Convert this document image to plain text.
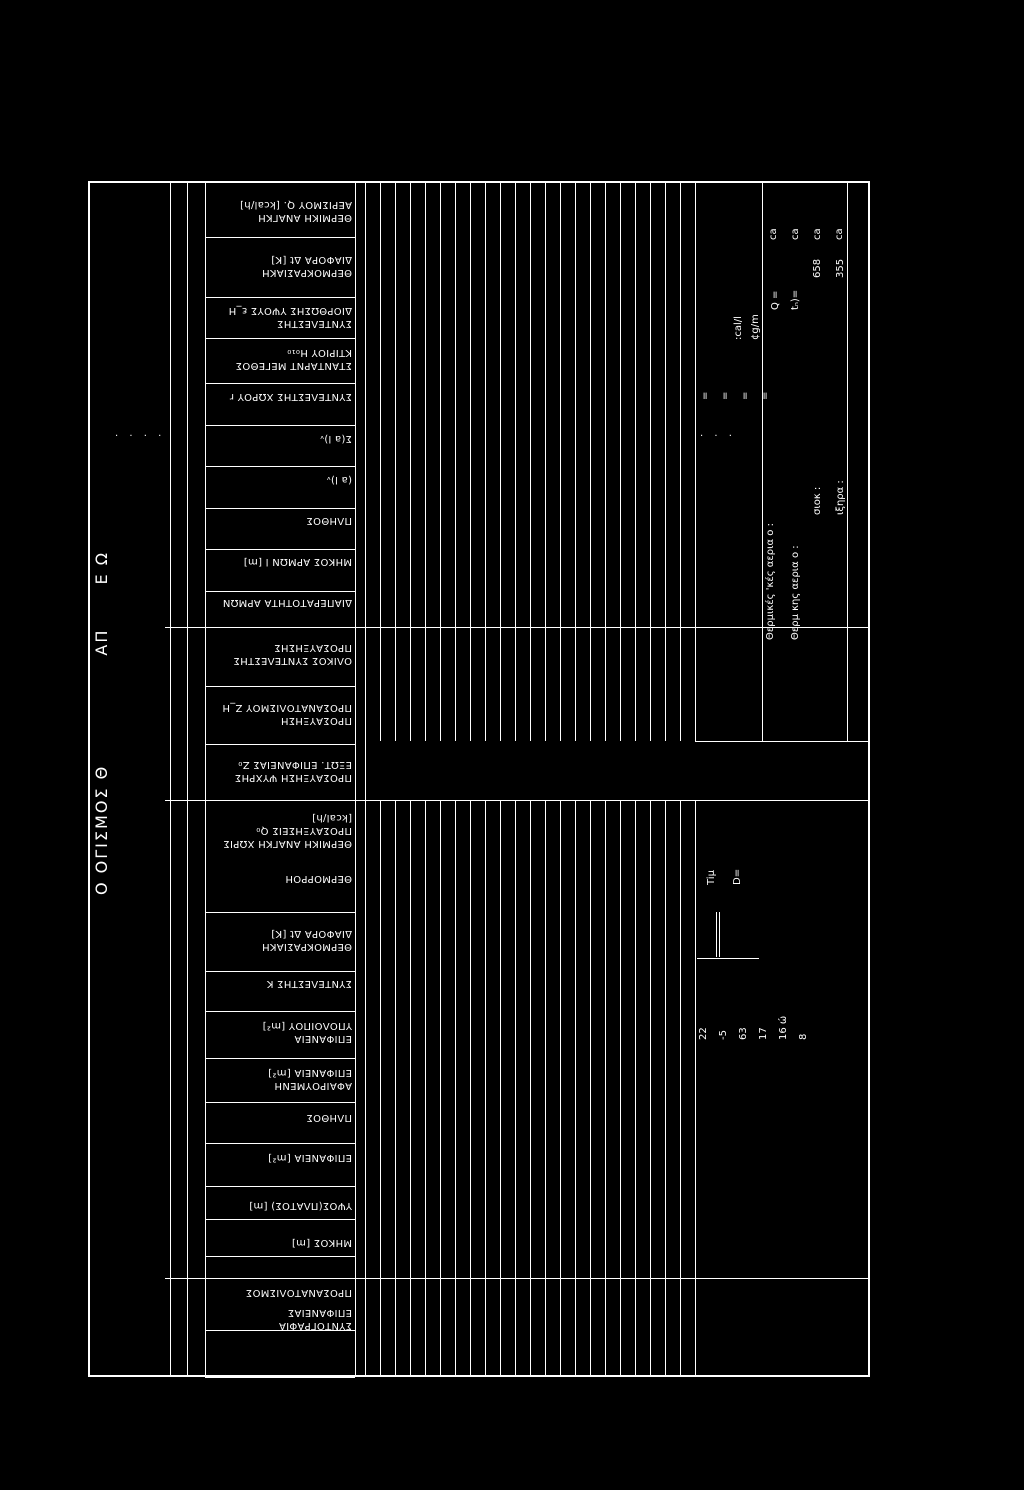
Ο ΟΓΙΣΜΟΣ Θ  ΑΠ  Ε Ω
. . . .	. . .
ΣΥΝΤΟΓΡΑΦΙΑ
ΕΠΙΦΑΝΕΙΑΣ
ΠΡΟΣΑΝΑΤΟΛΙΣΜΟΣ
ΜΗΚΟΣ [m]
ΥΨΟΣ(ΠΛΑΤΟΣ) [m]
ΕΠΙΦΑΝΕΙΑ [m²]
ΠΛΗΘΟΣ
ΑΦΑΙΡΟΥΜΕΝΗ
ΕΠΙΦΑΝΕΙΑ [m²]
ΕΠΙΦΑΝΕΙΑ
ΥΠΟΛΟΙΠΟΥ [m²]
ΣΥΝΤΕΛΕΣΤΗΣ Κ
ΘΕΡΜΟΚΡΑΣΙΑΚΗ
ΔΙΑΦΟΡΑ Δt [K]
ΘΕΡΜΟΡΡΟΗ
ΘΕΡΜΙΚΗ ΑΝΑΓΚΗ ΧΩΡΙΣ
ΠΡΟΣΑΥΞΗΣΕΙΣ Q₀
[kcal/h]
ΠΡΟΣΑΥΞΗΣΗ ΨΥΧΡΗΣ
ΕΞΩΤ. ΕΠΙΦΑΝΕΙΑΣ Z₀
ΠΡΟΣΑΥΞΗΣΗ
ΠΡΟΣΑΝΑΤΟΛΙΣΜΟΥ Z_H
ΟΛΙΚΟΣ ΣΥΝΤΕΛΕΣΤΗΣ
ΠΡΟΣΑΥΞΗΣΗΣ
ΔΙΑΠΕΡΑΤΟΤΗΤΑ ΑΡΜΩΝ
ΜΗΚΟΣ ΑΡΜΩΝ l [m]
ΠΛΗΘΟΣ
(a l)ᵥ
Σ(a l)ᵥ
ΣΥΝΤΕΛΕΣΤΗΣ ΧΩΡΟΥ r
ΣΤΑΝΤΑΡΝΤ ΜΕΓΕΘΟΣ
ΚΤΙΡΙΟΥ H₀₁₀
ΣΥΝΤΕΛΕΣΤΗΣ
ΔΙΟΡΘΩΣΗΣ ΥΨΟΥΣ ε_H
ΘΕΡΜΟΚΡΑΣΙΑΚΗ
ΔΙΑΦΟΡΑ Δt [K]
ΘΕΡΜΙΚΗ ΑΝΑΓΚΗ
ΑΕΡΙΣΜΟΥ Q. [kcal/h]
22 -5 63 17 16 ώ 8
Tiµ D=
Θερμικές 'κές αερια ο : Θερμ κης αερια ο :
σιοκ : ιξηρα :
= = = =
:cal/l ¢g/m
Q = tₙ)=
658 355
ca ca ca ca
